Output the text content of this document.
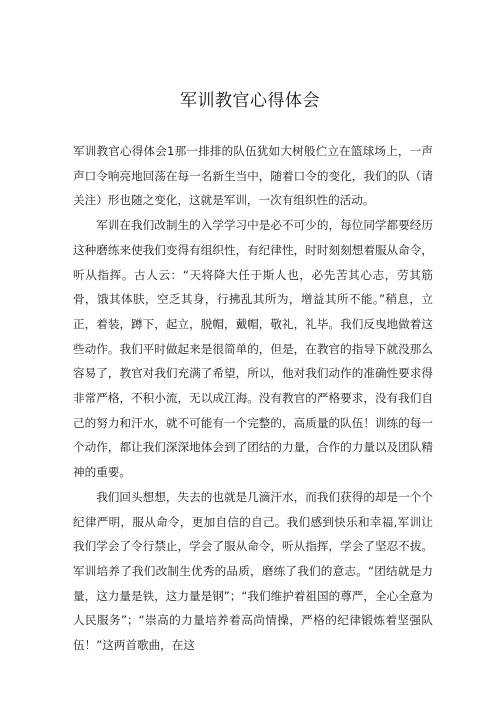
军训教官心得体会

军训教官心得体会1那一排排的队伍犹如大树般伫立在篮球场上，一声声口令响亮地回荡在每一名新生当中，随着口令的变化，我们的队（请关注）形也随之变化，这就是军训，一次有组织性的活动。

军训在我们改制生的入学学习中是必不可少的，每位同学都要经历这种磨练来使我们变得有组织性，有纪律性，时时刻刻想着服从命令，听从指挥。古人云：“天将降大任于斯人也，必先苦其心志，劳其筋骨，饿其体肤，空乏其身，行拂乱其所为，增益其所不能。”稍息，立正，着装，蹲下，起立，脱帽，戴帽，敬礼，礼毕。我们反曳地做着这些动作。我们平时做起来是很简单的，但是，在教官的指导下就没那么容易了，教官对我们充满了希望，所以，他对我们动作的准确性要求得非常严格，不积小流，无以成江海。没有教官的严格要求，没有我们自己的努力和汗水，就不可能有一个完整的，高质量的队伍！训练的每一个动作，都让我们深深地体会到了团结的力量，合作的力量以及团队精神的重要。

我们回头想想，失去的也就是几滴汗水，而我们获得的却是一个个纪律严明，服从命令，更加自信的自己。我们感到快乐和幸福,军训让我们学会了令行禁止，学会了服从命令，听从指挥，学会了坚忍不拔。军训培养了我们改制生优秀的品质，磨练了我们的意志。“团结就是力量，这力量是铁，这力量是钢”；“我们维护着祖国的尊严，全心全意为人民服务”；“崇高的力量培养着高尚情操，严格的纪律锻炼着坚强队伍！”这两首歌曲，在这
